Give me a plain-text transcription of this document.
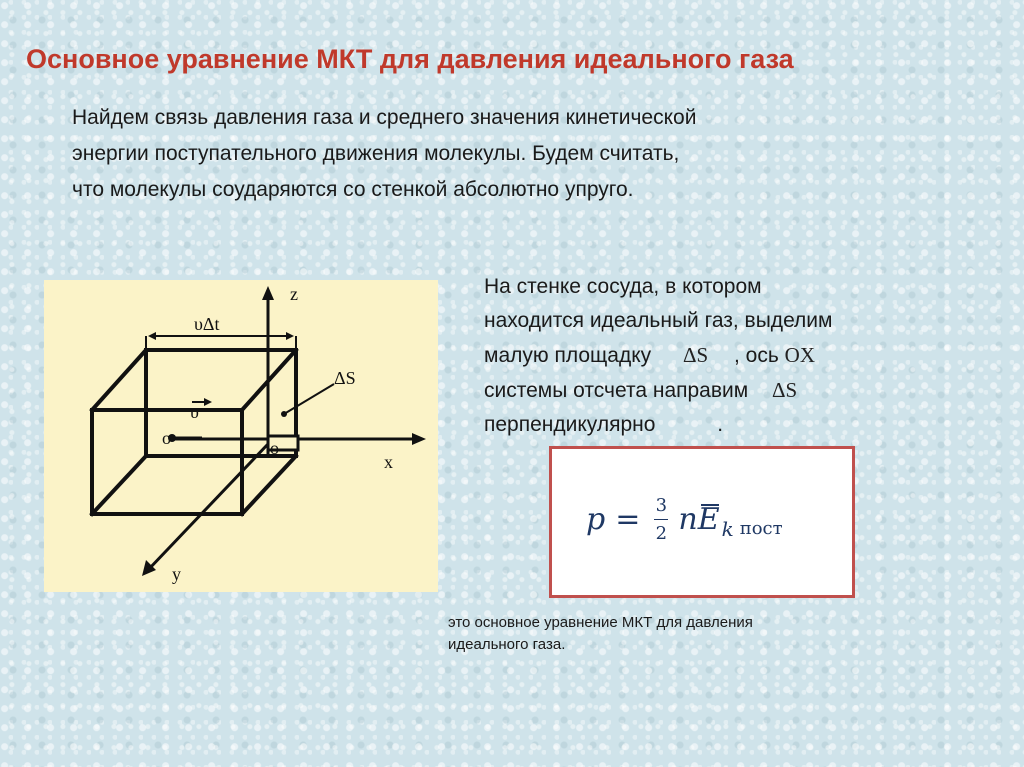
Основное уравнение МКТ для давления идеального газа
Найдем связь давления газа и среднего значения кинетической
энергии поступательного движения молекулы. Будем считать,
что молекулы соударяются со стенкой абсолютно упруго.
z
x
y
υΔt
ΔS
υ
o	o
На стенке сосуда, в котором
находится идеальный газ, выделим
малую площадку ΔS , ось OX
системы отсчета направим ΔS
перпендикулярно	.
$p = \frac{3}{2}$ n E k пост
это основное уравнение МКТ для давления
идеального газа.
